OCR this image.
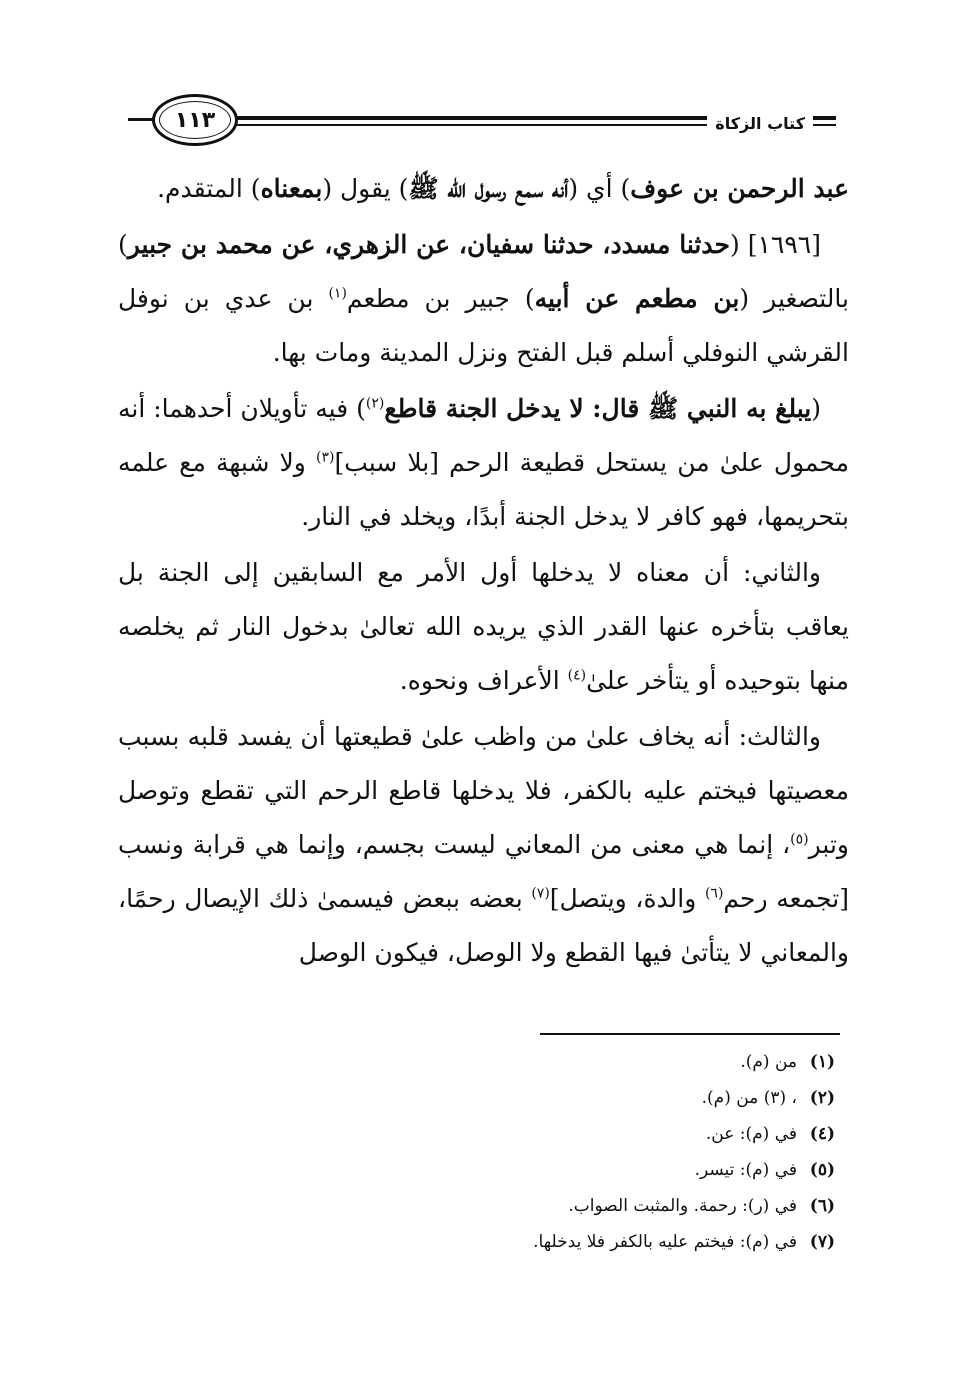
١١٣	كتاب الزكاة

عبد الرحمن بن عوف) أي (أنه سمع رسول الله ﷺ) يقول (بمعناه) المتقدم.

[١٦٩٦] (حدثنا مسدد، حدثنا سفيان، عن الزهري، عن محمد بن جبير) بالتصغير (بن مطعم عن أبيه) جبير بن مطعم$^{(١)}$ بن عدي بن نوفل القرشي النوفلي أسلم قبل الفتح ونزل المدينة ومات بها.

(يبلغ به النبي ﷺ قال: لا يدخل الجنة قاطع$^{(٢)}$) فيه تأويلان أحدهما: أنه محمول علىٰ من يستحل قطيعة الرحم [بلا سبب]$^{(٣)}$ ولا شبهة مع علمه بتحريمها، فهو كافر لا يدخل الجنة أبدًا، ويخلد في النار.

والثاني: أن معناه لا يدخلها أول الأمر مع السابقين إلى الجنة بل يعاقب بتأخره عنها القدر الذي يريده الله تعالىٰ بدخول النار ثم يخلصه منها بتوحيده أو يتأخر علىٰ$^{(٤)}$ الأعراف ونحوه.

والثالث: أنه يخاف علىٰ من واظب علىٰ قطيعتها أن يفسد قلبه بسبب معصيتها فيختم عليه بالكفر، فلا يدخلها قاطع الرحم التي تقطع وتوصل وتبر$^{(٥)}$، إنما هي معنى من المعاني ليست بجسم، وإنما هي قرابة ونسب [تجمعه رحم$^{(٦)}$ والدة، ويتصل]$^{(٧)}$ بعضه ببعض فيسمىٰ ذلك الإيصال رحمًا، والمعاني لا يتأتىٰ فيها القطع ولا الوصل، فيكون الوصل

(١)من (م).
(٢)، (٣) من (م).
(٤)في (م): عن.
(٥)في (م): تيسر.
(٦)في (ر): رحمة. والمثبت الصواب.
(٧)في (م): فيختم عليه بالكفر فلا يدخلها.
